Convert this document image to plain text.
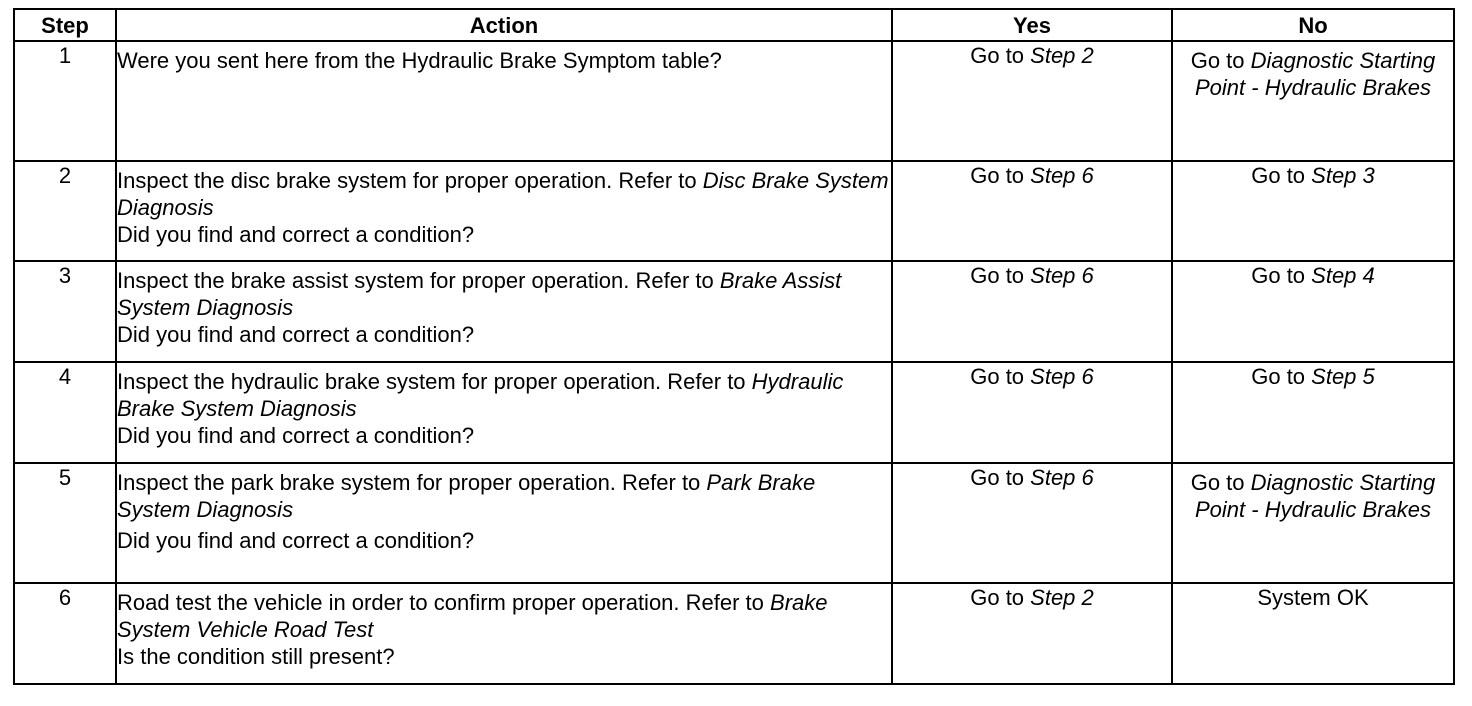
Step	Action	Yes	No
1	Were you sent here from the Hydraulic Brake Symptom table?	Go to Step 2	Go to Diagnostic Starting Point - Hydraulic Brakes

2	Inspect the disc brake system for proper operation. Refer to Disc Brake System Diagnosis
Did you find and correct a condition?	Go to Step 6	Go to Step 3

3	Inspect the brake assist system for proper operation. Refer to Brake Assist System Diagnosis
Did you find and correct a condition?	Go to Step 6	Go to Step 4

4	Inspect the hydraulic brake system for proper operation. Refer to Hydraulic Brake System Diagnosis
Did you find and correct a condition?	Go to Step 6	Go to Step 5

5	Inspect the park brake system for proper operation. Refer to Park Brake System Diagnosis
Did you find and correct a condition?	Go to Step 6	Go to Diagnostic Starting Point - Hydraulic Brakes

6	Road test the vehicle in order to confirm proper operation. Refer to Brake System Vehicle Road Test
Is the condition still present?	Go to Step 2	System OK
